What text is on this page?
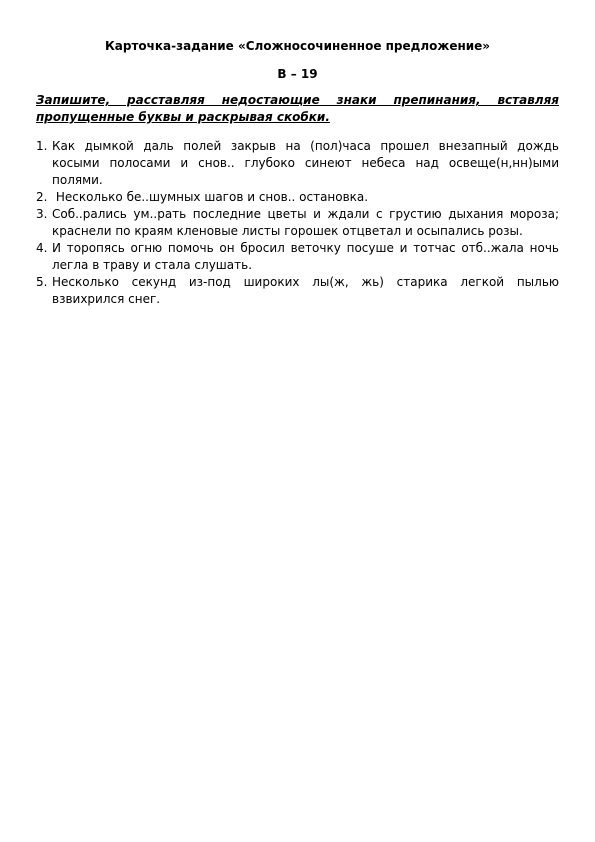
Карточка-задание «Сложносочиненное предложение»
В – 19

Запишите, расставляя недостающие знаки препинания, вставляя пропущенные буквы и раскрывая скобки.

1. Как дымкой даль полей закрыв на (пол)часа прошел внезапный дождь косыми полосами и снов.. глубоко синеют небеса над освеще(н,нн)ыми полями.
2. Несколько бе..шумных шагов и снов.. остановка.
3. Соб..рались ум..рать последние цветы и ждали с грустию дыхания мороза; краснели по краям кленовые листы горошек отцветал и осыпались розы.
4. И торопясь огню помочь он бросил веточку посуше и тотчас отб..жала ночь легла в траву и стала слушать.
5. Несколько секунд из-под широких лы(ж, жь) старика легкой пылью взвихрился снег.
